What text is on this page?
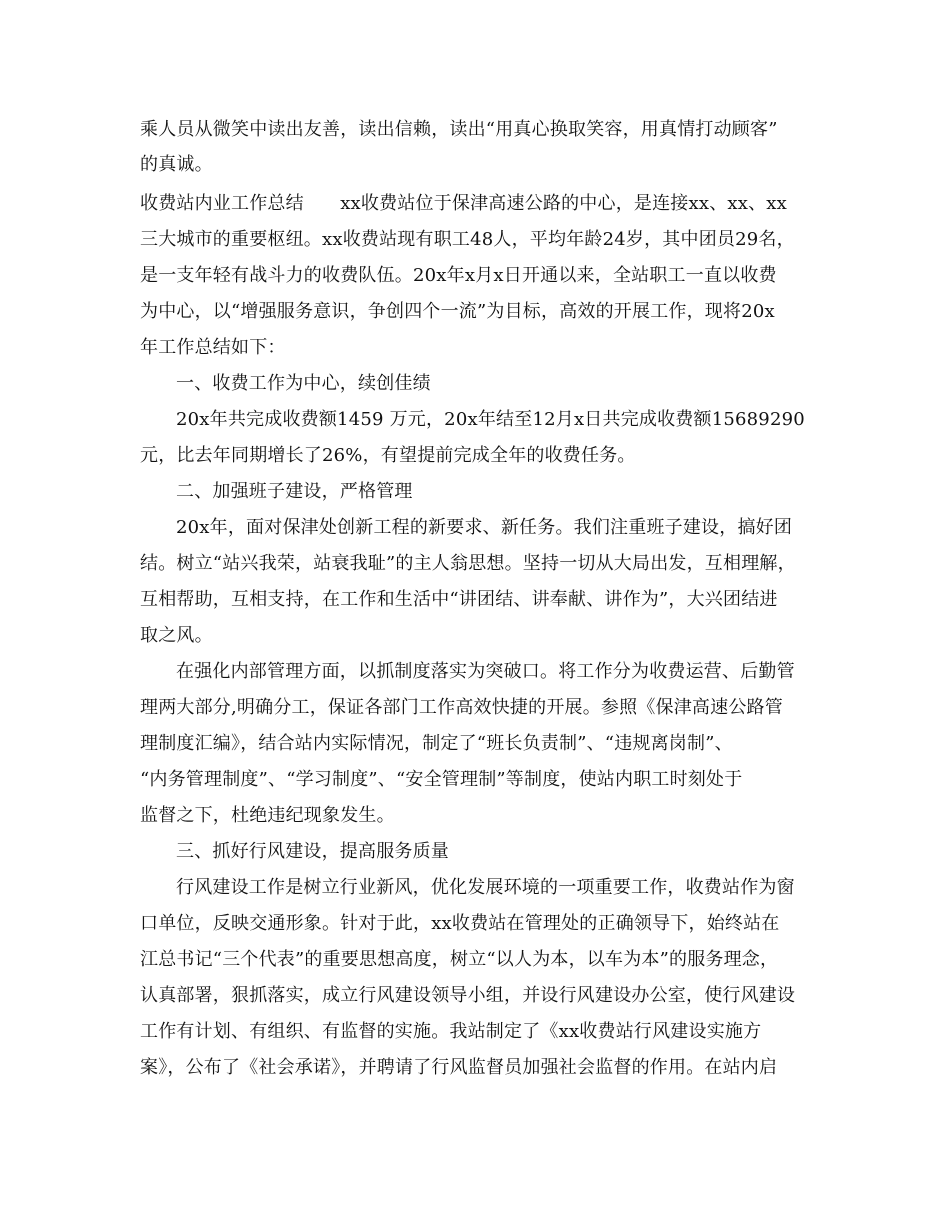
乘人员从微笑中读出友善，读出信赖，读出“用真心换取笑容，用真情打动顾客”
的真诚。
收费站内业工作总结　　xx收费站位于保津高速公路的中心，是连接xx、xx、xx
三大城市的重要枢纽。xx收费站现有职工48人，平均年龄24岁，其中团员29名，
是一支年轻有战斗力的收费队伍。20x年x月x日开通以来，全站职工一直以收费
为中心，以“增强服务意识，争创四个一流”为目标，高效的开展工作，现将20x
年工作总结如下：
一、收费工作为中心，续创佳绩
20x年共完成收费额1459 万元，20x年结至12月x日共完成收费额15689290
元，比去年同期增长了26%，有望提前完成全年的收费任务。
二、加强班子建设，严格管理
20x年，面对保津处创新工程的新要求、新任务。我们注重班子建设，搞好团
结。树立“站兴我荣，站衰我耻”的主人翁思想。坚持一切从大局出发，互相理解，
互相帮助，互相支持，在工作和生活中“讲团结、讲奉献、讲作为”，大兴团结进
取之风。
在强化内部管理方面，以抓制度落实为突破口。将工作分为收费运营、后勤管
理两大部分,明确分工，保证各部门工作高效快捷的开展。参照《保津高速公路管
理制度汇编》，结合站内实际情况，制定了“班长负责制”、“违规离岗制”、
“内务管理制度”、“学习制度”、“安全管理制”等制度，使站内职工时刻处于
监督之下，杜绝违纪现象发生。
三、抓好行风建设，提高服务质量
行风建设工作是树立行业新风，优化发展环境的一项重要工作，收费站作为窗
口单位，反映交通形象。针对于此，xx收费站在管理处的正确领导下，始终站在
江总书记“三个代表”的重要思想高度，树立“以人为本，以车为本”的服务理念，
认真部署，狠抓落实，成立行风建设领导小组，并设行风建设办公室，使行风建设
工作有计划、有组织、有监督的实施。我站制定了《xx收费站行风建设实施方
案》，公布了《社会承诺》，并聘请了行风监督员加强社会监督的作用。在站内启
